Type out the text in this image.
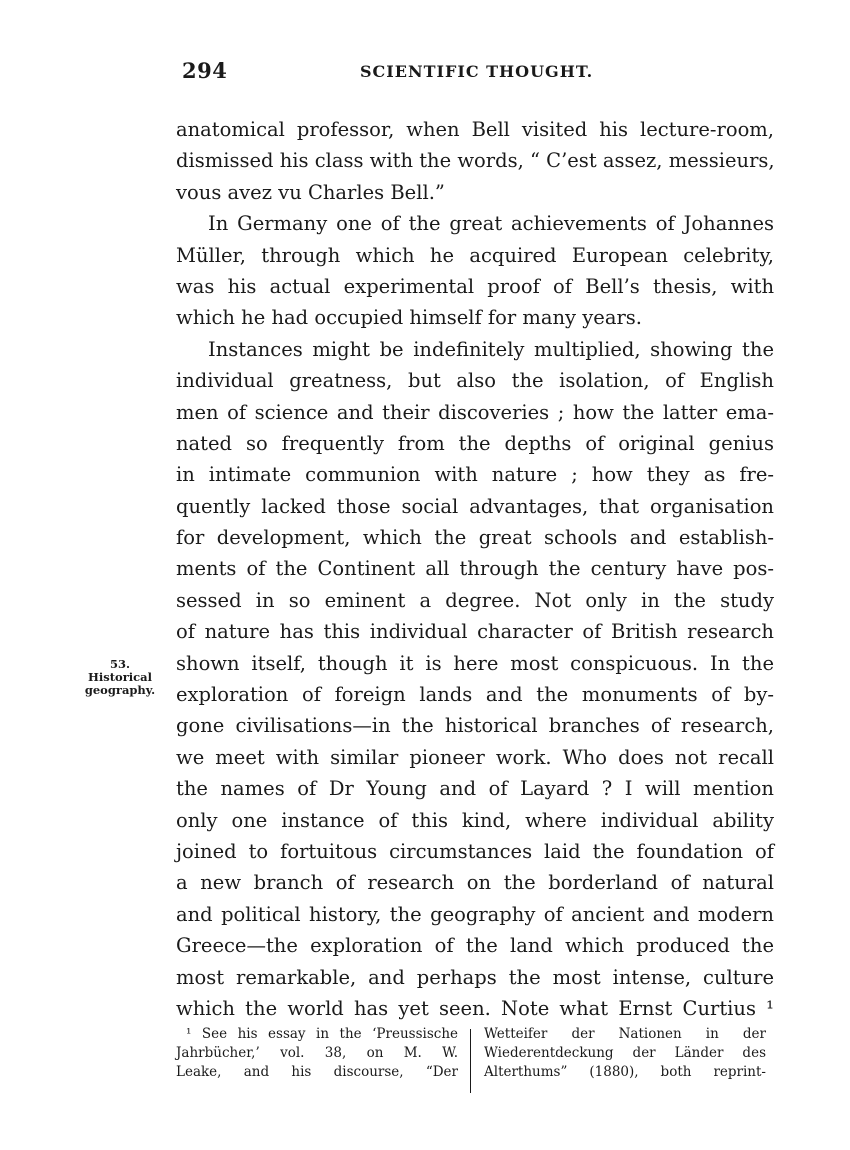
294	SCIENTIFIC THOUGHT.
53.
Historical
geography.
anatomical professor, when Bell visited his lecture-room,
dismissed his class with the words, “ C’est assez, messieurs,
vous avez vu Charles Bell.”
In Germany one of the great achievements of Johannes
Müller, through which he acquired European celebrity,
was his actual experimental proof of Bell’s thesis, with
which he had occupied himself for many years.
Instances might be indefinitely multiplied, showing the
individual greatness, but also the isolation, of English
men of science and their discoveries ; how the latter ema-
nated so frequently from the depths of original genius
in intimate communion with nature ; how they as fre-
quently lacked those social advantages, that organisation
for development, which the great schools and establish-
ments of the Continent all through the century have pos-
sessed in so eminent a degree. Not only in the study
of nature has this individual character of British research
shown itself, though it is here most conspicuous. In the
exploration of foreign lands and the monuments of by-
gone civilisations—in the historical branches of research,
we meet with similar pioneer work. Who does not recall
the names of Dr Young and of Layard ? I will mention
only one instance of this kind, where individual ability
joined to fortuitous circumstances laid the foundation of
a new branch of research on the borderland of natural
and political history, the geography of ancient and modern
Greece—the exploration of the land which produced the
most remarkable, and perhaps the most intense, culture
which the world has yet seen. Note what Ernst Curtius ¹
¹ See his essay in the ‘Preussische
Jahrbücher,’ vol. 38, on M. W.
Leake, and his discourse, “Der
Wetteifer der Nationen in der
Wiederentdeckung der Länder des
Alterthums” (1880), both reprint-
